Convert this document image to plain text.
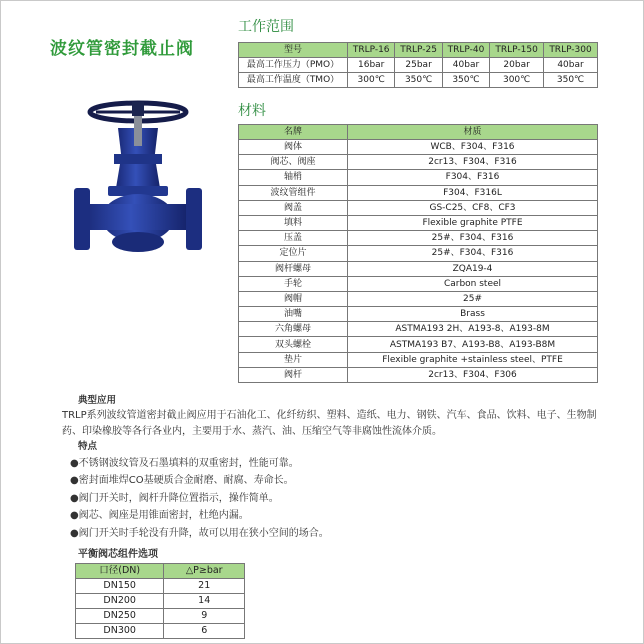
波纹管密封截止阀
工作范围
型号	TRLP-16	TRLP-25	TRLP-40	TRLP-150	TRLP-300
最高工作压力（PMO）	16bar	25bar	40bar	20bar	40bar
最高工作温度（TMO）	300℃	350℃	350℃	300℃	350℃
材料
名牌	材质
阀体	WCB、F304、F316
阀芯、阀座	2cr13、F304、F316
轴梢	F304、F316
波纹管组件	F304、F316L
阀盖	GS-C25、CF8、CF3
填料	Flexible graphite PTFE
压盖	25#、F304、F316
定位片	25#、F304、F316
阀杆螺母	ZQA19-4
手轮	Carbon steel
阀帽	25#
油嘴	Brass
六角螺母	ASTMA193 2H、A193-8、A193-8M
双头螺栓	ASTMA193 B7、A193-B8、A193-B8M
垫片	Flexible graphite +stainless steel、PTFE
阀杆	2cr13、F304、F306
典型应用
TRLP系列波纹管道密封截止阀应用于石油化工、化纤纺织、塑料、造纸、电力、钢铁、汽车、食品、饮料、电子、生物制药、印染橡胶等各行各业内，主要用于水、蒸汽、油、压缩空气等非腐蚀性流体介质。
特点
●不锈钢波纹管及石墨填料的双重密封，性能可靠。
●密封面堆焊CO基硬质合金耐磨、耐腐、寿命长。
●阀门开关时，阀杆升降位置指示，操作简单。
●阀芯、阀座是用锥面密封，杜绝内漏。
●阀门开关时手轮没有升降，故可以用在狭小空间的场合。
平衡阀芯组件选项
口径(DN)	△P≥bar
DN150	21
DN200	14
DN250	9
DN300	6
